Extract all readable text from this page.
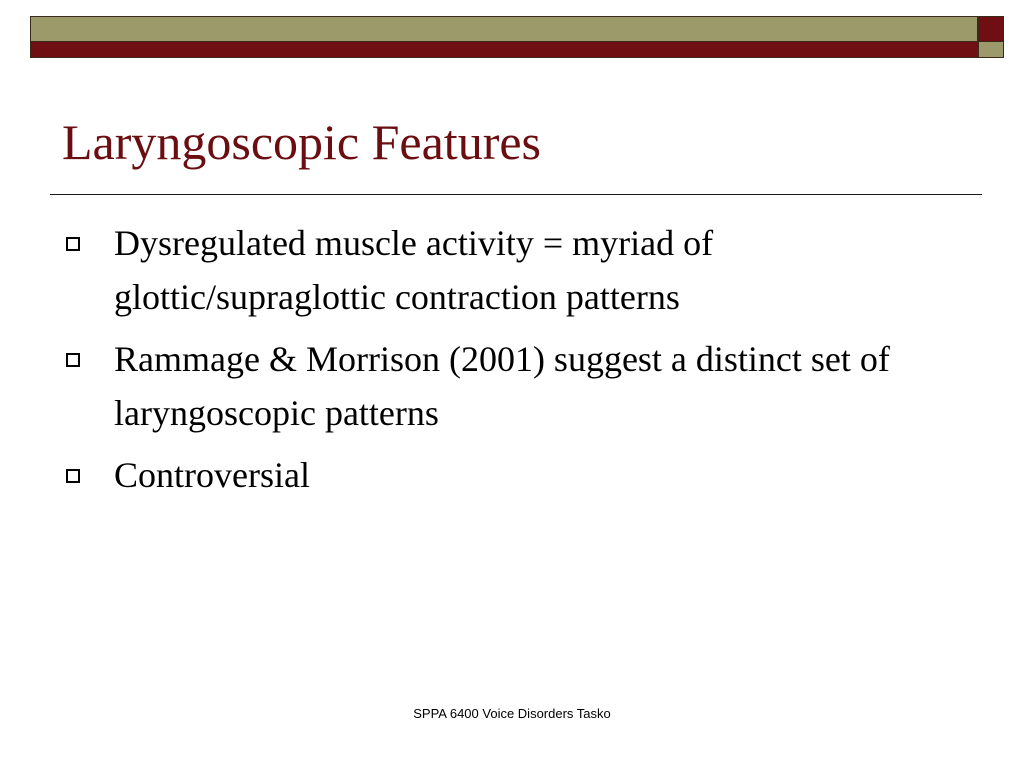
Laryngoscopic Features
Dysregulated muscle activity = myriad of glottic/supraglottic contraction patterns
Rammage & Morrison (2001) suggest a distinct set of laryngoscopic patterns
Controversial
SPPA 6400 Voice Disorders Tasko
